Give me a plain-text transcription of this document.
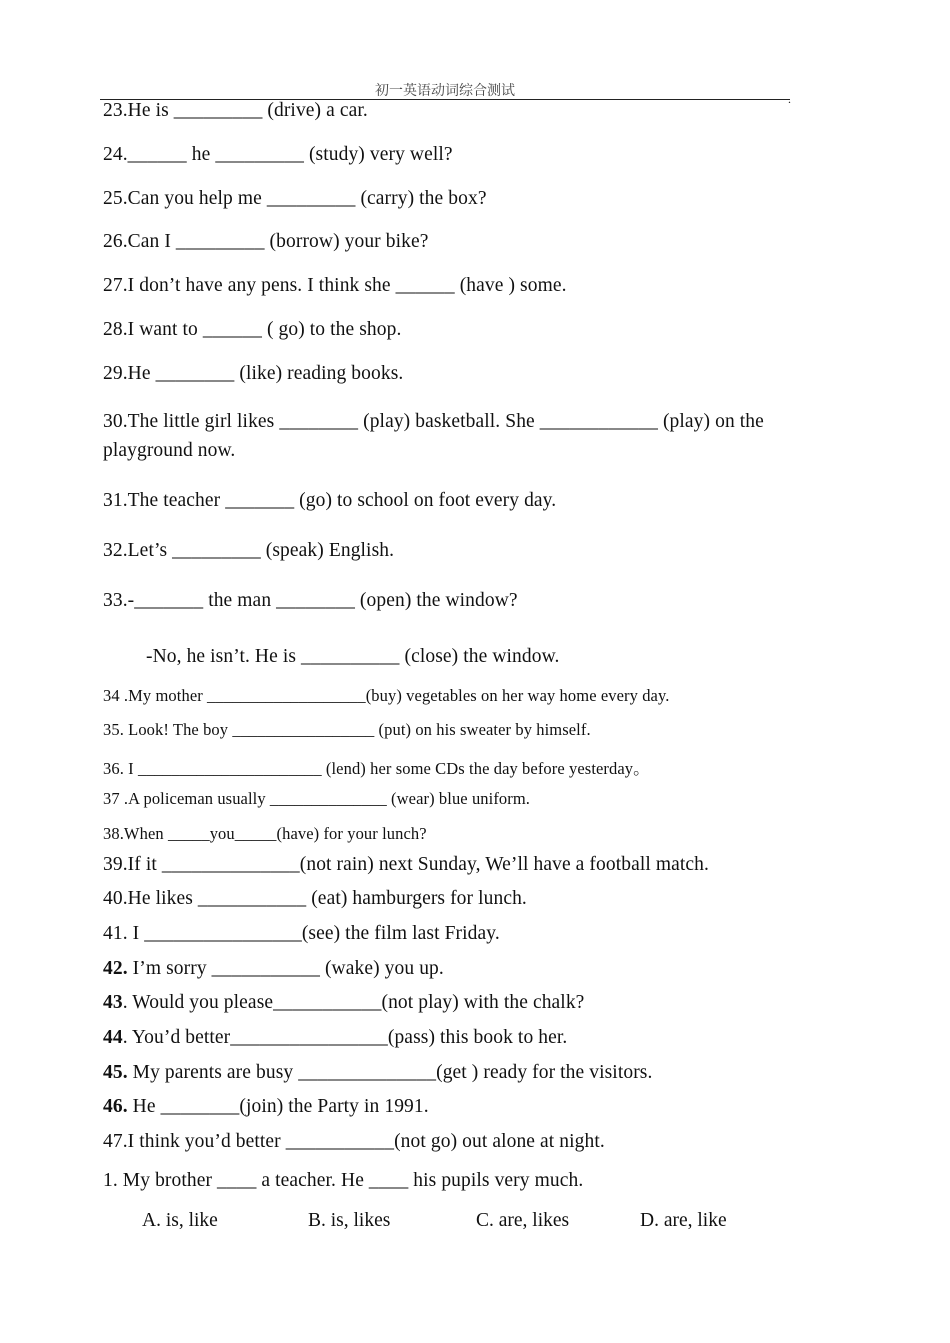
初一英语动词综合测试	.
23.He is _________ (drive) a car.
24.______ he _________ (study) very well?
25.Can you help me _________ (carry) the box?
26.Can I _________ (borrow) your bike?
27.I don’t have any pens. I think she ______ (have ) some.
28.I want to ______ ( go) to the shop.
29.He ________ (like) reading books.
30.The little girl likes ________ (play) basketball. She ____________ (play) on the playground now.
31.The teacher _______ (go) to school on foot every day.
32.Let’s _________ (speak) English.
33.-_______ the man ________ (open) the window?
-No, he isn’t. He is __________ (close) the window.
34 .My mother ___________________(buy) vegetables on her way home every day.
35. Look! The boy _________________ (put) on his sweater by himself.
36. I ______________________ (lend) her some CDs the day before yesterday。
37 .A policeman usually ______________ (wear) blue uniform.
38.When _____you_____(have) for your lunch?
39.If it ______________(not rain) next Sunday, We’ll have a football match.
40.He likes ___________ (eat) hamburgers for lunch.
41. I ________________(see) the film last Friday.
42. I’m sorry ___________ (wake) you up.
43. Would you please___________(not play) with the chalk?
44. You’d better________________(pass) this book to her.
45. My parents are busy ______________(get ) ready for the visitors.
46. He ________(join) the Party in 1991.
47.I think you’d better ___________(not go) out alone at night.
1. My brother ____ a teacher. He ____ his pupils very much.
A. is, like	B. is, likes	C. are, likes	D. are, like
